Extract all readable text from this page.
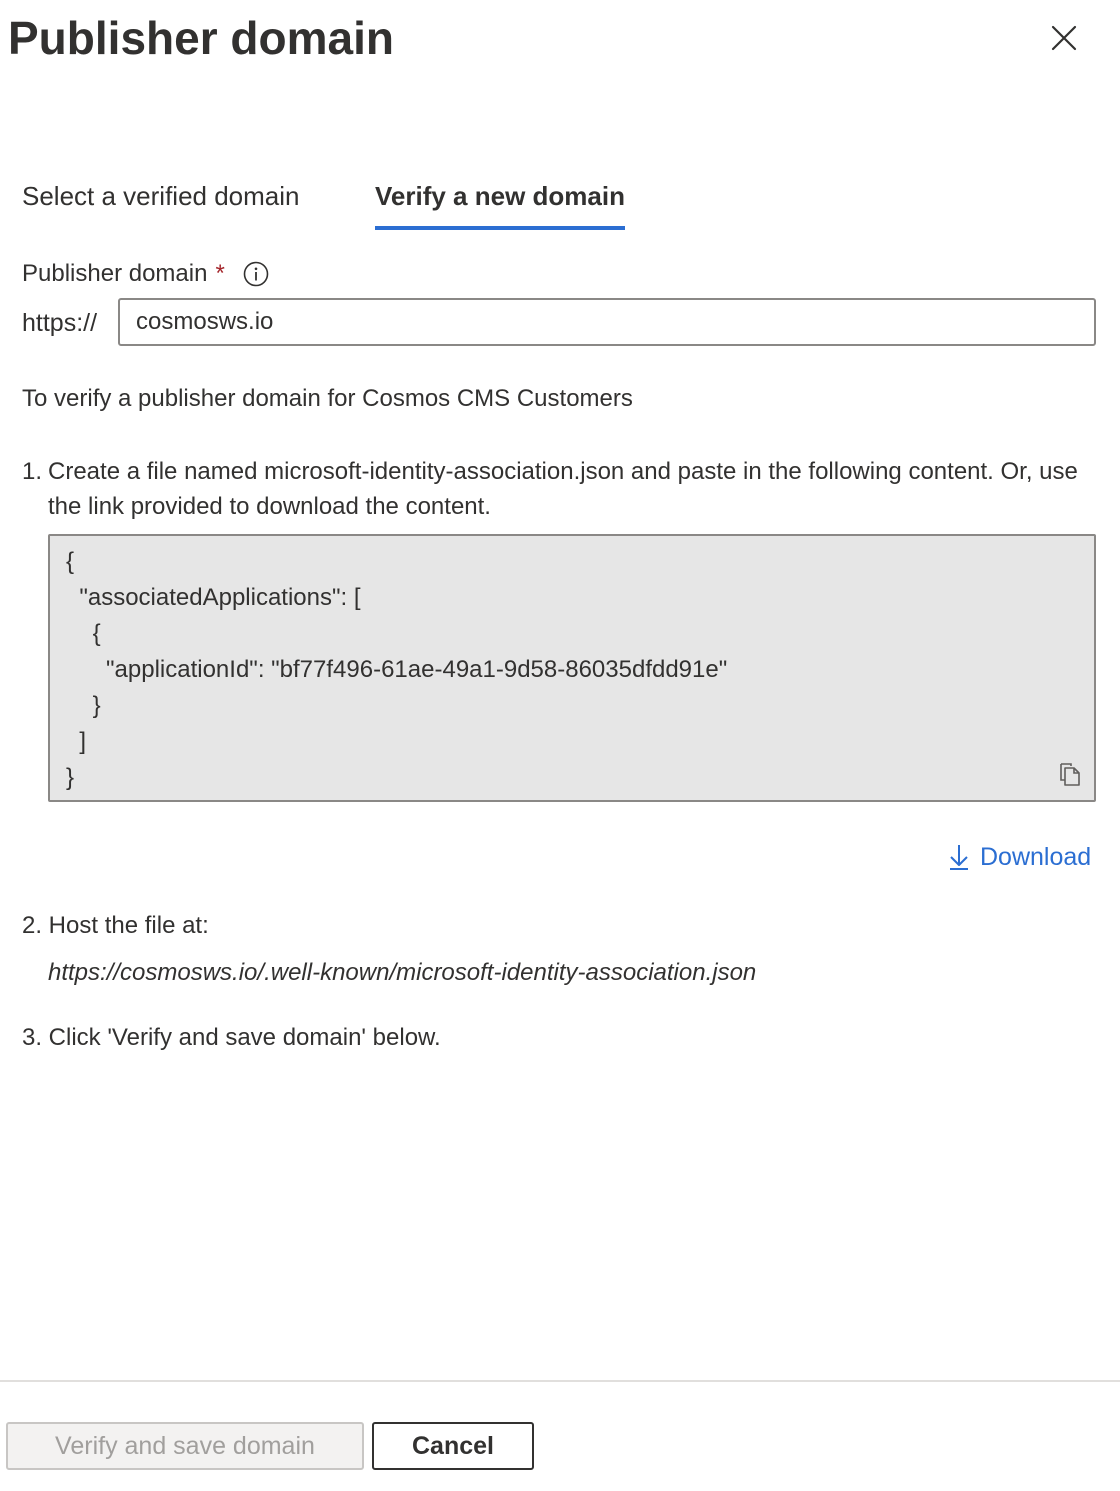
Publisher domain
Select a verified domain	Verify a new domain
Publisher domain *
https://
cosmosws.io
To verify a publisher domain for Cosmos CMS Customers
1. Create a file named microsoft-identity-association.json and paste in the following content. Or, use the link provided to download the content.
{
"associatedApplications": [
{
"applicationId": "bf77f496-61ae-49a1-9d58-86035dfdd91e"
}
]
}
Download
2. Host the file at:
https://cosmosws.io/.well-known/microsoft-identity-association.json
3. Click 'Verify and save domain' below.
Verify and save domain	Cancel
